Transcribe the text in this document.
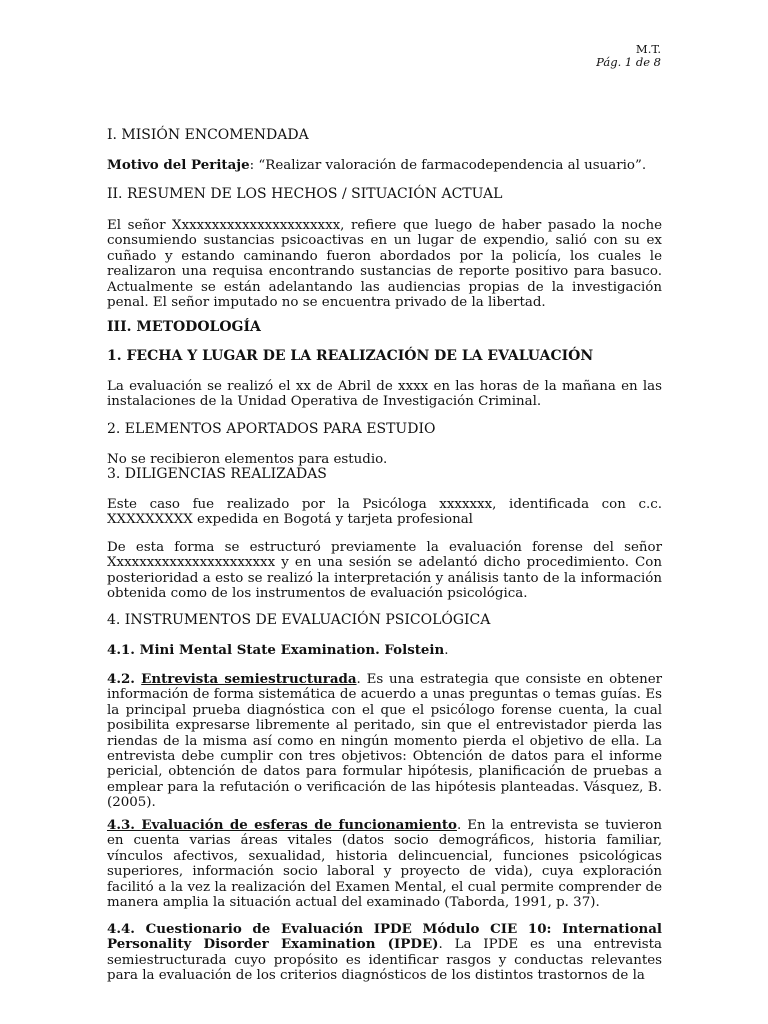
M.T.
Pág. 1 de 8

I. MISIÓN ENCOMENDADA

Motivo del Peritaje: “Realizar valoración de farmacodependencia al usuario”.

II. RESUMEN DE LOS HECHOS / SITUACIÓN ACTUAL

El señor Xxxxxxxxxxxxxxxxxxxxxx, refiere que luego de haber pasado la noche consumiendo sustancias psicoactivas en un lugar de expendio, salió con su ex cuñado y estando caminando fueron abordados por la policía, los cuales le realizaron una requisa encontrando sustancias de reporte positivo para basuco. Actualmente se están adelantando las audiencias propias de la investigación penal. El señor imputado no se encuentra privado de la libertad.

III. METODOLOGÍA

1. FECHA Y LUGAR DE LA REALIZACIÓN DE LA EVALUACIÓN

La evaluación se realizó el xx de Abril de xxxx en las horas de la mañana en las instalaciones de la Unidad Operativa de Investigación Criminal.

2. ELEMENTOS APORTADOS PARA ESTUDIO

No se recibieron elementos para estudio.

3. DILIGENCIAS REALIZADAS

Este caso fue realizado por la Psicóloga xxxxxxx, identificada con c.c. XXXXXXXXX expedida en Bogotá y tarjeta profesional

De esta forma se estructuró previamente la evaluación forense del señor Xxxxxxxxxxxxxxxxxxxxxx y en una sesión se adelantó dicho procedimiento. Con posterioridad a esto se realizó la interpretación y análisis tanto de la información obtenida como de los instrumentos de evaluación psicológica.

4. INSTRUMENTOS DE EVALUACIÓN PSICOLÓGICA

4.1. Mini Mental State Examination. Folstein.

4.2. Entrevista semiestructurada. Es una estrategia que consiste en obtener información de forma sistemática de acuerdo a unas preguntas o temas guías. Es la principal prueba diagnóstica con el que el psicólogo forense cuenta, la cual posibilita expresarse libremente al peritado, sin que el entrevistador pierda las riendas de la misma así como en ningún momento pierda el objetivo de ella. La entrevista debe cumplir con tres objetivos: Obtención de datos para el informe pericial, obtención de datos para formular hipótesis, planificación de pruebas a emplear para la refutación o verificación de las hipótesis planteadas. Vásquez, B. (2005).

4.3. Evaluación de esferas de funcionamiento. En la entrevista se tuvieron en cuenta varias áreas vitales (datos socio demográficos, historia familiar, vínculos afectivos, sexualidad, historia delincuencial, funciones psicológicas superiores, información socio laboral y proyecto de vida), cuya exploración facilitó a la vez la realización del Examen Mental, el cual permite comprender de manera amplia la situación actual del examinado (Taborda, 1991, p. 37).

4.4. Cuestionario de Evaluación IPDE Módulo CIE 10: International Personality Disorder Examination (IPDE). La IPDE es una entrevista semiestructurada cuyo propósito es identificar rasgos y conductas relevantes para la evaluación de los criterios diagnósticos de los distintos trastornos de la
